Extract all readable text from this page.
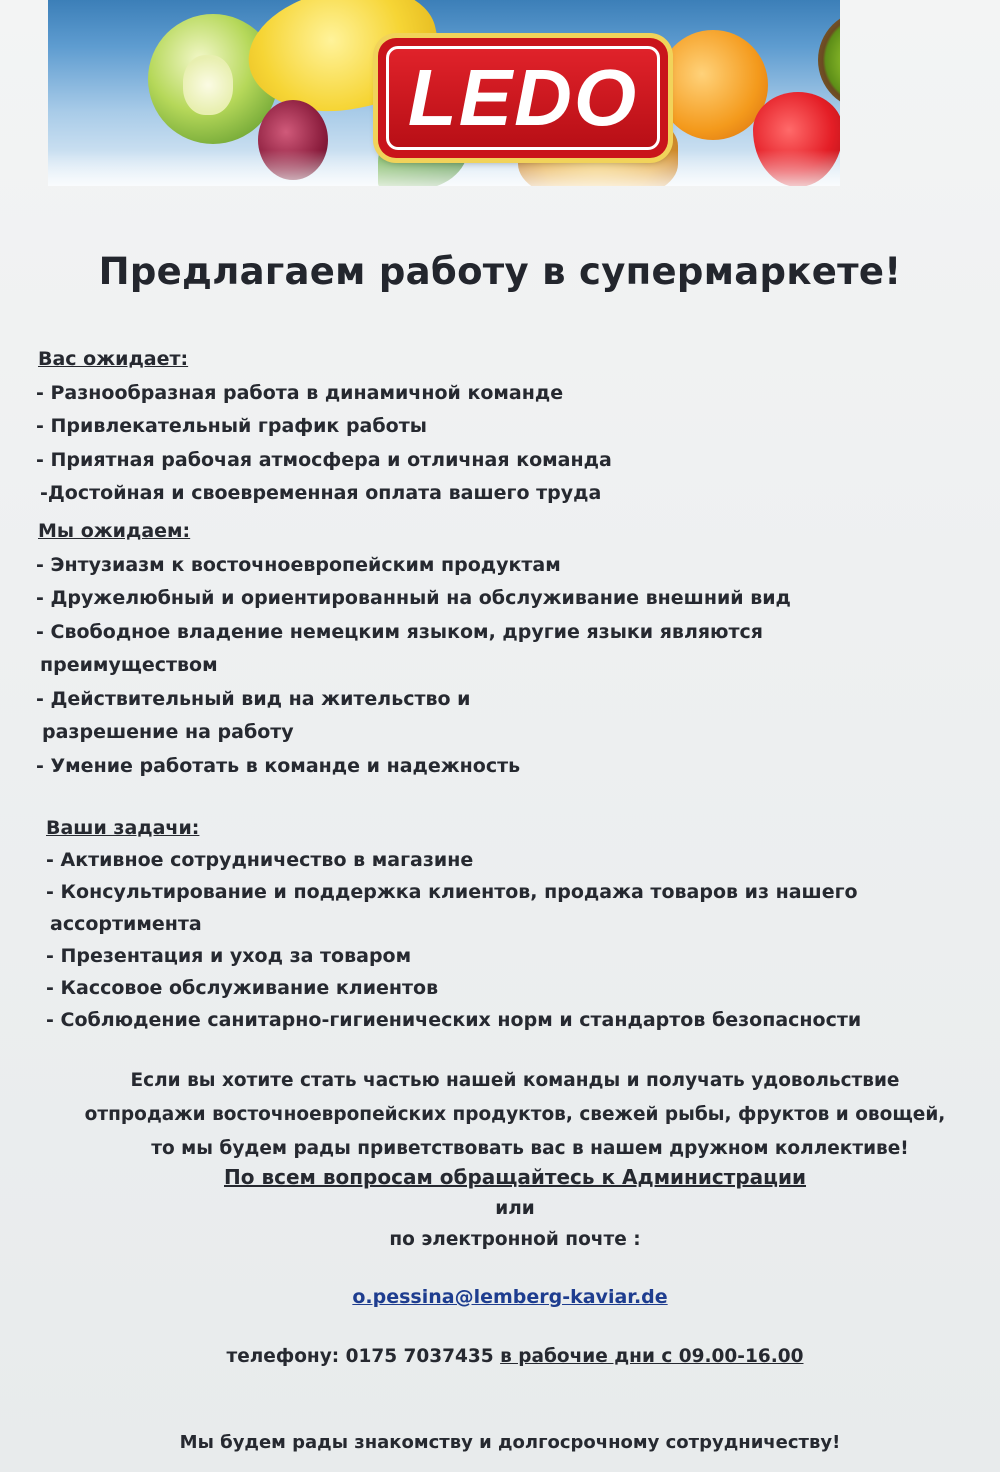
LEDO
Предлагаем работу в супермаркете!
Вас ожидает:
- Разнообразная работа в динамичной команде
- Привлекательный график работы
- Приятная рабочая атмосфера и отличная команда
-Достойная и своевременная оплата вашего труда
Мы ожидаем:
- Энтузиазм к восточноевропейским продуктам
- Дружелюбный и ориентированный на обслуживание внешний вид
- Свободное владение немецким языком, другие языки являются
преимуществом
- Действительный вид на жительство и
разрешение на работу
- Умение работать в команде и надежность
Ваши задачи:
- Активное сотрудничество в магазине
- Консультирование и поддержка клиентов, продажа товаров из нашего
ассортимента
- Презентация и уход за товаром
- Кассовое обслуживание клиентов
- Соблюдение санитарно-гигиенических норм и стандартов безопасности
Если вы хотите стать частью нашей команды и получать удовольствие
отпродажи восточноевропейских продуктов, свежей рыбы, фруктов и овощей,
то мы будем рады приветствовать вас в нашем дружном коллективе!
По всем вопросам обращайтесь к Администрации
или
по электронной почте :
o.pessina@lemberg-kaviar.de
телефону: 0175 7037435 в рабочие дни с 09.00-16.00
Мы будем рады знакомству и долгосрочному сотрудничеству!
